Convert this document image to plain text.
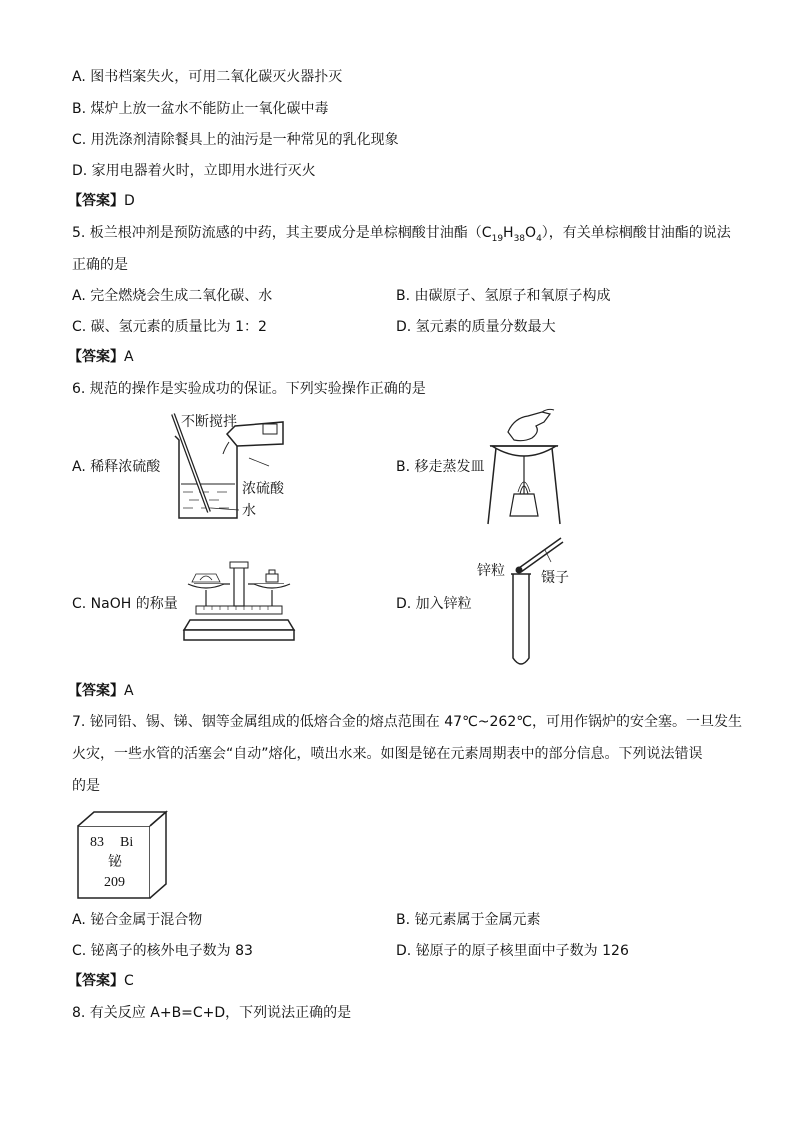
A. 图书档案失火，可用二氧化碳灭火器扑灭
B. 煤炉上放一盆水不能防止一氧化碳中毒
C. 用洗涤剂清除餐具上的油污是一种常见的乳化现象
D. 家用电器着火时，立即用水进行灭火
【答案】D
5. 板兰根冲剂是预防流感的中药，其主要成分是单棕榈酸甘油酯$(C_{19}H_{38}O_4)$，有关单棕榈酸甘油酯的说法
正确的是
A. 完全燃烧会生成二氧化碳、水	B. 由碳原子、氢原子和氧原子构成
C. 碳、氢元素的质量比为 1：2	D. 氢元素的质量分数最大
【答案】A
6. 规范的操作是实验成功的保证。下列实验操作正确的是
A. 稀释浓硫酸	B. 移走蒸发皿
C. NaOH 的称量	D. 加入锌粒
不断搅拌
浓硫酸
水
锌粒	镊子
【答案】A
7. 铋同铅、锡、锑、铟等金属组成的低熔合金的熔点范围在 47℃~262℃，可用作锅炉的安全塞。一旦发生
火灾，一些水管的活塞会“自动”熔化，喷出水来。如图是铋在元素周期表中的部分信息。下列说法错误
的是
83 Bi
铋
209
A. 铋合金属于混合物	B. 铋元素属于金属元素
C. 铋离子的核外电子数为 83	D. 铋原子的原子核里面中子数为 126
【答案】C
8. 有关反应 A+B=C+D，下列说法正确的是
